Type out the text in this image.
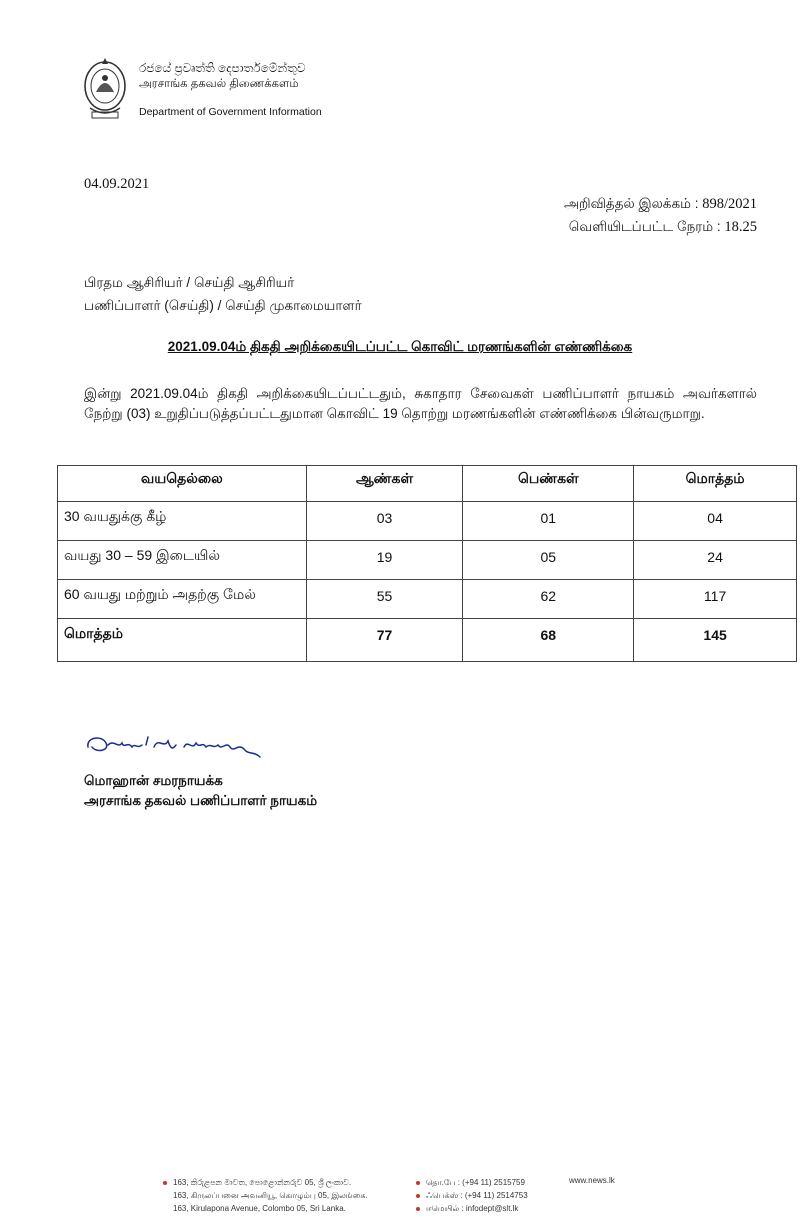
රජයේ ප්‍රවෘත්ති දෙපාර්තමේන්තුව
அரசாங்க தகவல் திணைக்களம்
Department of Government Information
04.09.2021
அறிவித்தல் இலக்கம் : 898/2021
வெளியிடப்பட்ட நேரம் : 18.25
பிரதம ஆசிரியர் / செய்தி ஆசிரியர்
பணிப்பாளர் (செய்தி) / செய்தி முகாமையாளர்
2021.09.04ம் திகதி அறிக்கையிடப்பட்ட கொவிட் மரணங்களின் எண்ணிக்கை
இன்று 2021.09.04ம் திகதி அறிக்கையிடப்பட்டதும், சுகாதார சேவைகள் பணிப்பாளர் நாயகம் அவர்களால் நேற்று (03) உறுதிப்படுத்தப்பட்டதுமான கொவிட் 19 தொற்று மரணங்களின் எண்ணிக்கை பின்வருமாறு.
வயதெல்லை	ஆண்கள்	பெண்கள்	மொத்தம்
30 வயதுக்கு கீழ்	03	01	04
வயது 30 – 59 இடையில்	19	05	24
60 வயது மற்றும் அதற்கு மேல்	55	62	117
மொத்தம்	77	68	145
மொஹான் சமரநாயக்க
அரசாங்க தகவல் பணிப்பாளர் நாயகம்
163, කිරුළපන මාවත, පොළොන්නරුව 05, ශ්‍රී ලංකාව.
163, கிருலப்பனை அவனியூ, கொழும்பு 05, இலங்கை.
163, Kirulapona Avenue, Colombo 05, Sri Lanka.
தொ.பே : (+94 11) 2515759
ஃபெக்ஸ் : (+94 11) 2514753
ஈமெயில் : infodept@slt.lk
www.news.lk
